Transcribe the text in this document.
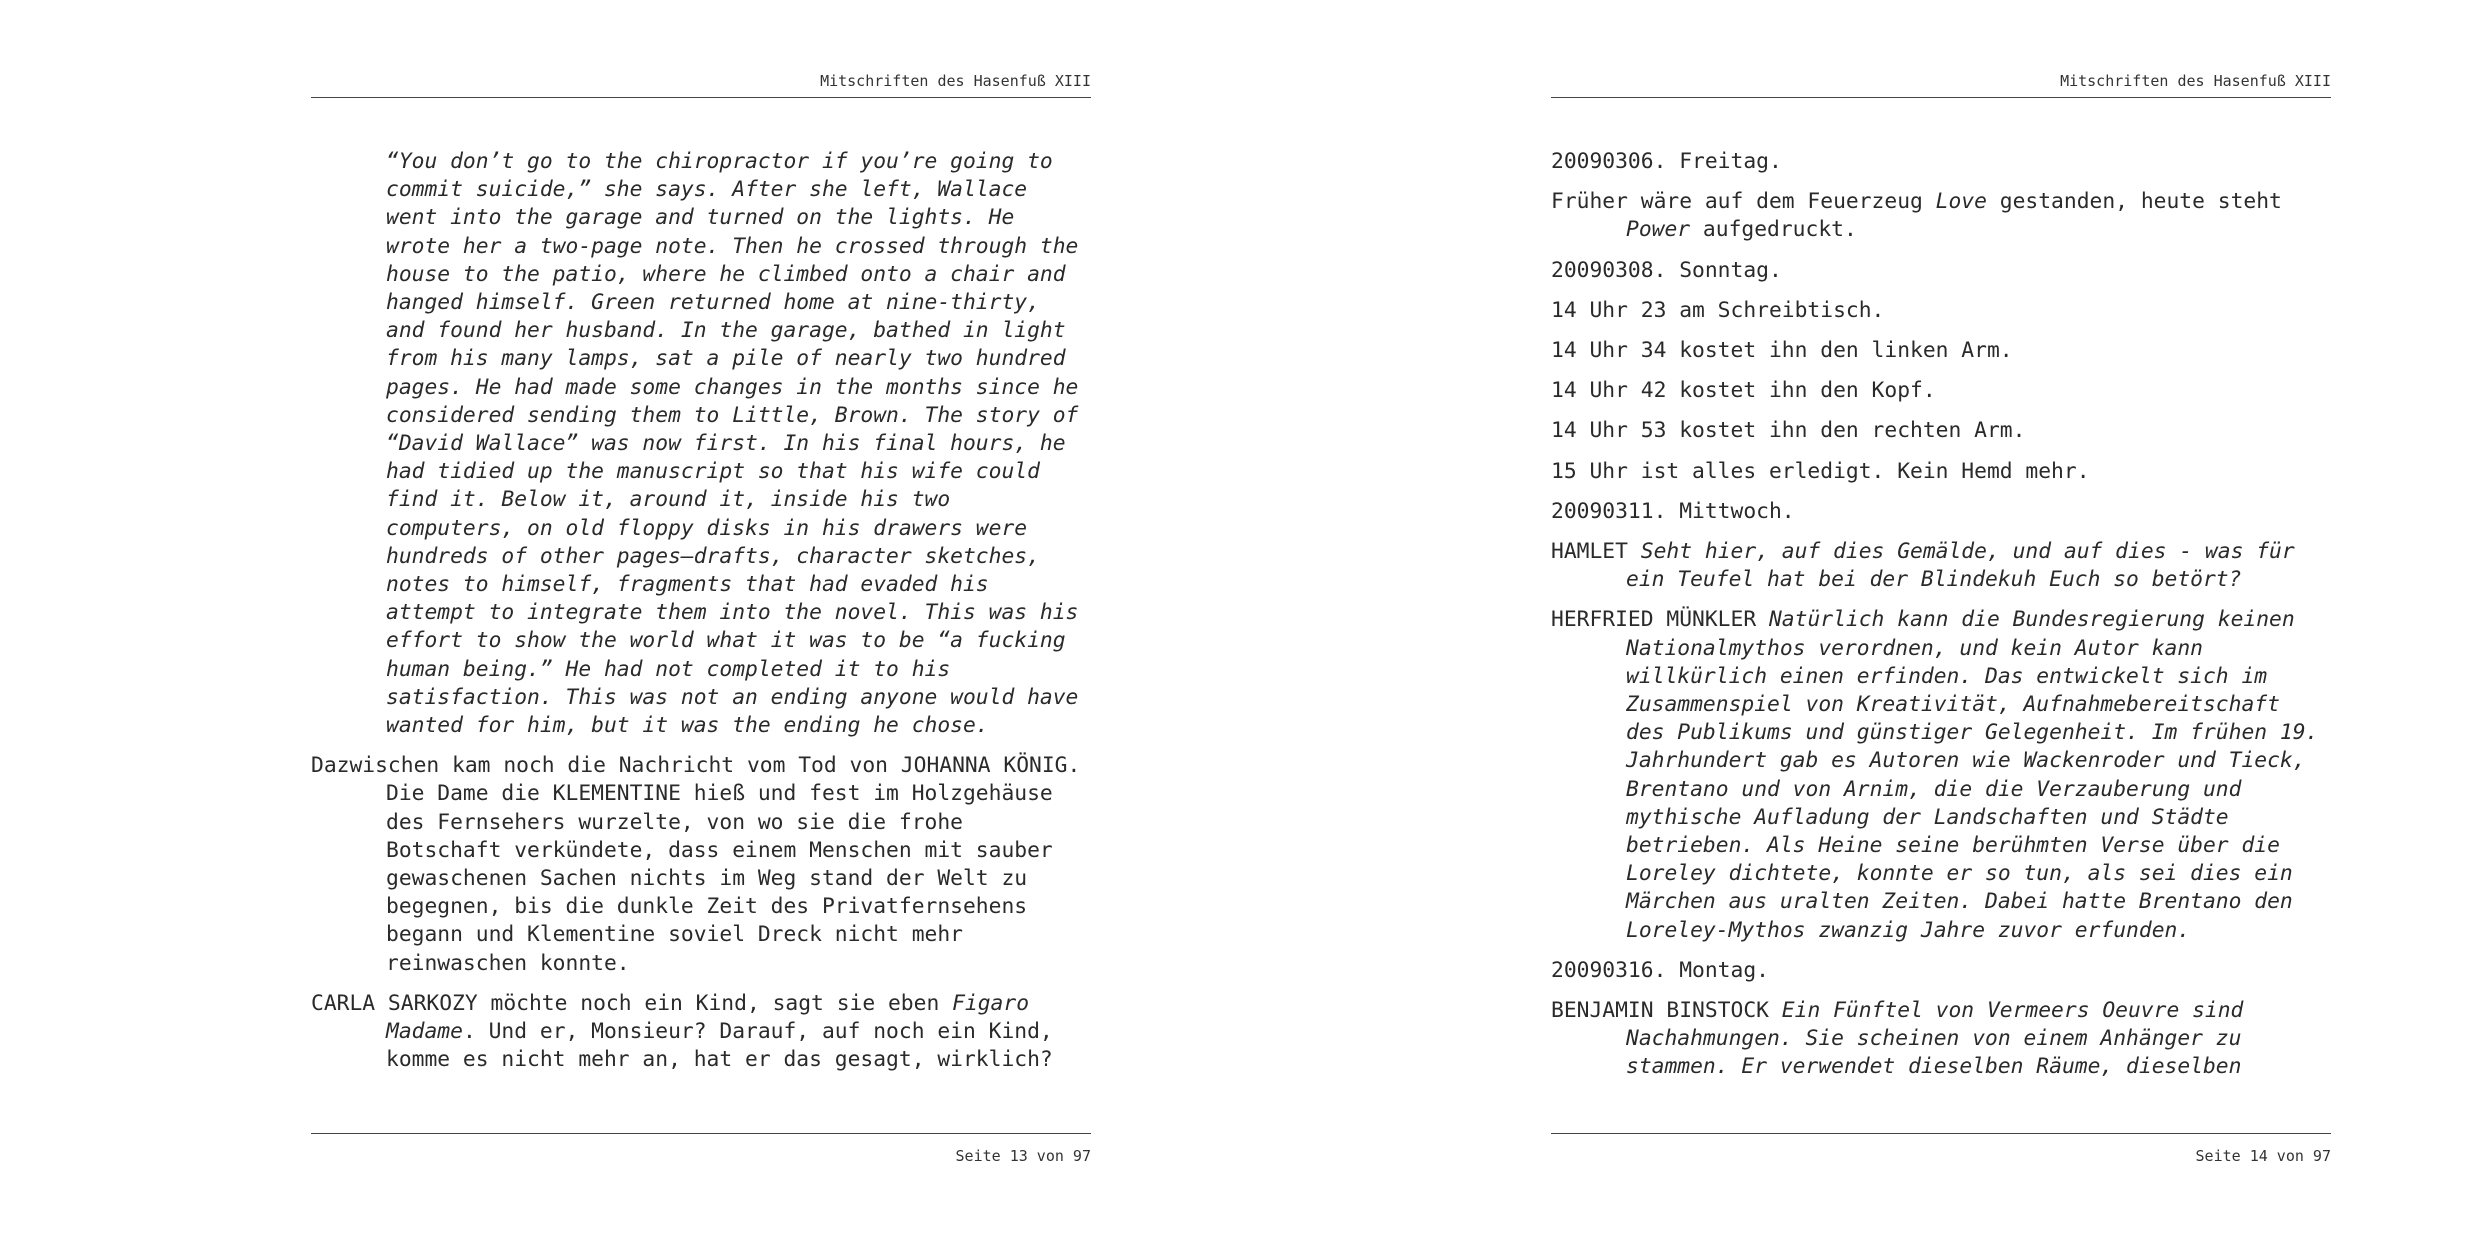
Mitschriften des Hasenfuß XIII

“You don’t go to the chiropractor if you’re going to commit suicide,” she says. After she left, Wallace went into the garage and turned on the lights. He wrote her a two-page note. Then he crossed through the house to the patio, where he climbed onto a chair and hanged himself. Green returned home at nine-thirty, and found her husband. In the garage, bathed in light from his many lamps, sat a pile of nearly two hundred pages. He had made some changes in the months since he considered sending them to Little, Brown. The story of “David Wallace” was now first. In his final hours, he had tidied up the manuscript so that his wife could find it. Below it, around it, inside his two computers, on old floppy disks in his drawers were hundreds of other pages—drafts, character sketches, notes to himself, fragments that had evaded his attempt to integrate them into the novel. This was his effort to show the world what it was to be “a fucking human being.” He had not completed it to his satisfaction. This was not an ending anyone would have wanted for him, but it was the ending he chose.

Dazwischen kam noch die Nachricht vom Tod von JOHANNA KÖNIG. Die Dame die KLEMENTINE hieß und fest im Holzgehäuse des Fernsehers wurzelte, von wo sie die frohe Botschaft verkündete, dass einem Menschen mit sauber gewaschenen Sachen nichts im Weg stand der Welt zu begegnen, bis die dunkle Zeit des Privatfernsehens begann und Klementine soviel Dreck nicht mehr reinwaschen konnte.

CARLA SARKOZY möchte noch ein Kind, sagt sie eben Figaro Madame. Und er, Monsieur? Darauf, auf noch ein Kind, komme es nicht mehr an, hat er das gesagt, wirklich?

Seite 13 von 97
Mitschriften des Hasenfuß XIII

20090306. Freitag.

Früher wäre auf dem Feuerzeug Love gestanden, heute steht Power aufgedruckt.

20090308. Sonntag.

14 Uhr 23 am Schreibtisch.

14 Uhr 34 kostet ihn den linken Arm.

14 Uhr 42 kostet ihn den Kopf.

14 Uhr 53 kostet ihn den rechten Arm.

15 Uhr ist alles erledigt. Kein Hemd mehr.

20090311. Mittwoch.

HAMLET Seht hier, auf dies Gemälde, und auf dies - was für ein Teufel hat bei der Blindekuh Euch so betört?

HERFRIED MÜNKLER Natürlich kann die Bundesregierung keinen Nationalmythos verordnen, und kein Autor kann willkürlich einen erfinden. Das entwickelt sich im Zusammenspiel von Kreativität, Aufnahmebereitschaft des Publikums und günstiger Gelegenheit. Im frühen 19. Jahrhundert gab es Autoren wie Wackenroder und Tieck, Brentano und von Arnim, die die Verzauberung und mythische Aufladung der Landschaften und Städte betrieben. Als Heine seine berühmten Verse über die Loreley dichtete, konnte er so tun, als sei dies ein Märchen aus uralten Zeiten. Dabei hatte Brentano den Loreley-Mythos zwanzig Jahre zuvor erfunden.

20090316. Montag.

BENJAMIN BINSTOCK Ein Fünftel von Vermeers Oeuvre sind Nachahmungen. Sie scheinen von einem Anhänger zu stammen. Er verwendet dieselben Räume, dieselben

Seite 14 von 97
